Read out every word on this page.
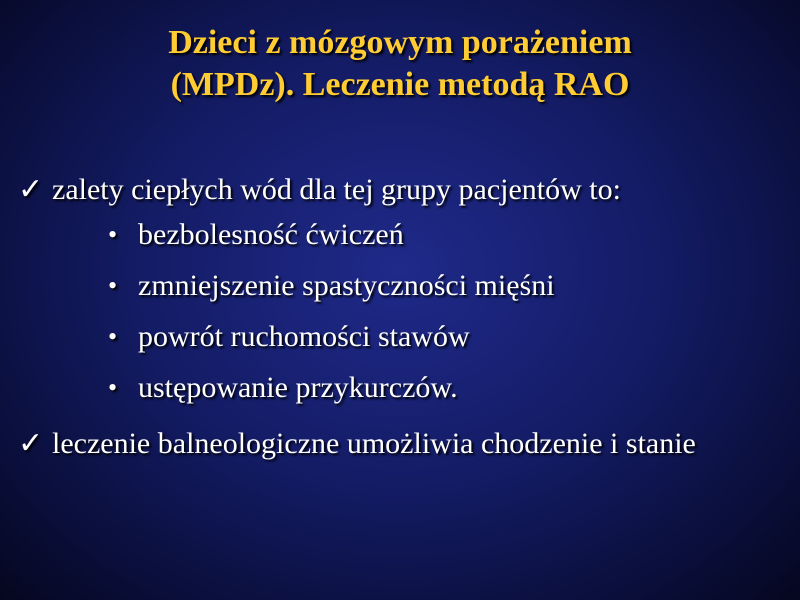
Dzieci z mózgowym porażeniem
(MPDz). Leczenie metodą RAO
✓ zalety ciepłych wód dla tej grupy pacjentów to:
• bezbolesność ćwiczeń
• zmniejszenie spastyczności mięśni
• powrót ruchomości stawów
• ustępowanie przykurczów.
✓ leczenie balneologiczne umożliwia chodzenie i stanie
